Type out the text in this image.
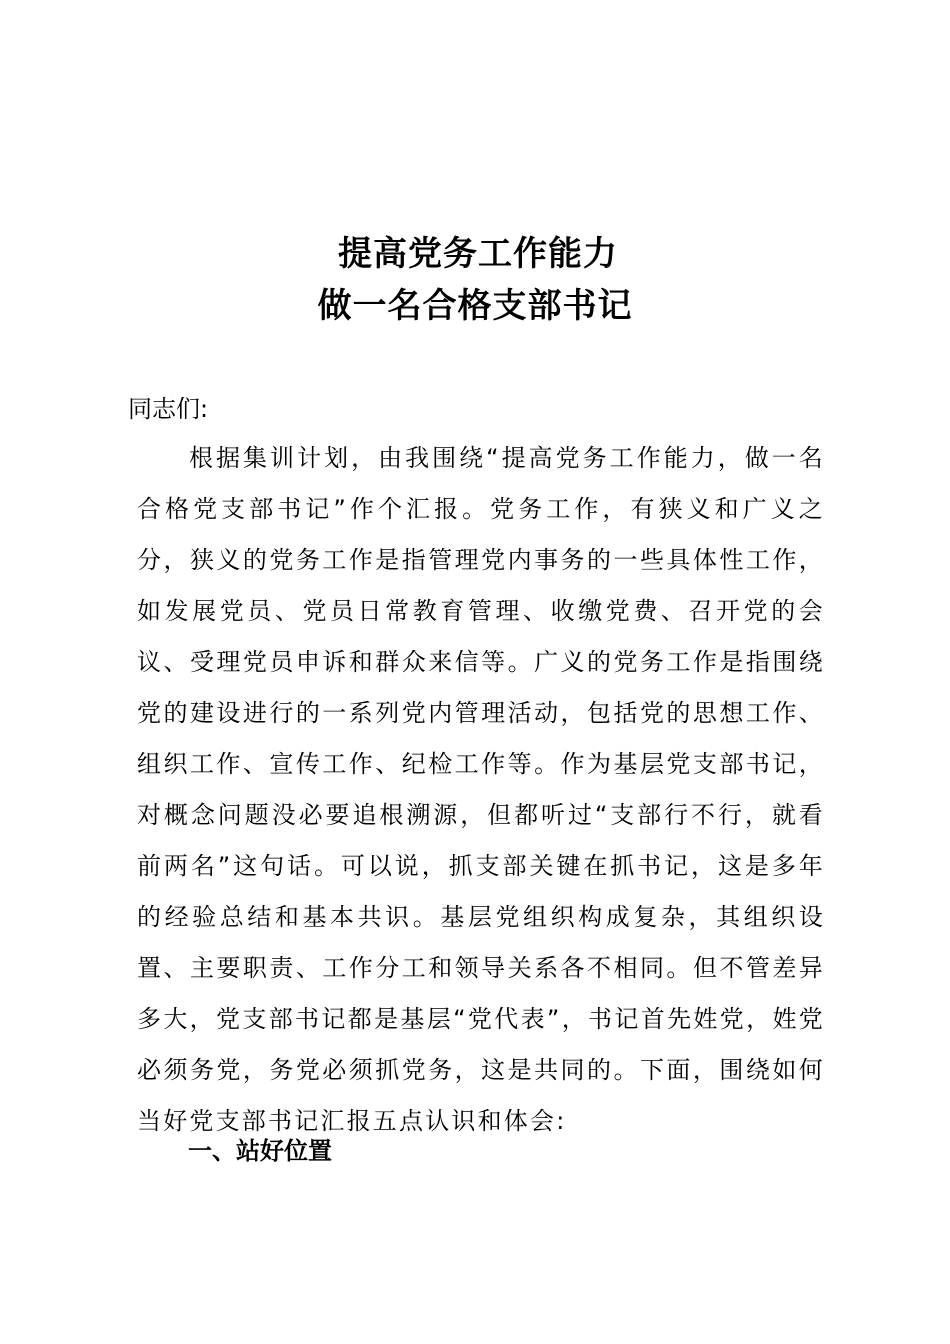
提高党务工作能力

做一名合格支部书记

同志们:

根据集训计划，由我围绕“提高党务工作能力，做一名合格党支部书记”作个汇报。党务工作，有狭义和广义之分，狭义的党务工作是指管理党内事务的一些具体性工作，如发展党员、党员日常教育管理、收缴党费、召开党的会议、受理党员申诉和群众来信等。广义的党务工作是指围绕党的建设进行的一系列党内管理活动，包括党的思想工作、组织工作、宣传工作、纪检工作等。作为基层党支部书记，对概念问题没必要追根溯源，但都听过“支部行不行，就看前两名”这句话。可以说，抓支部关键在抓书记，这是多年的经验总结和基本共识。基层党组织构成复杂，其组织设置、主要职责、工作分工和领导关系各不相同。但不管差异多大，党支部书记都是基层“党代表”，书记首先姓党，姓党必须务党，务党必须抓党务，这是共同的。下面，围绕如何当好党支部书记汇报五点认识和体会:

一、站好位置
